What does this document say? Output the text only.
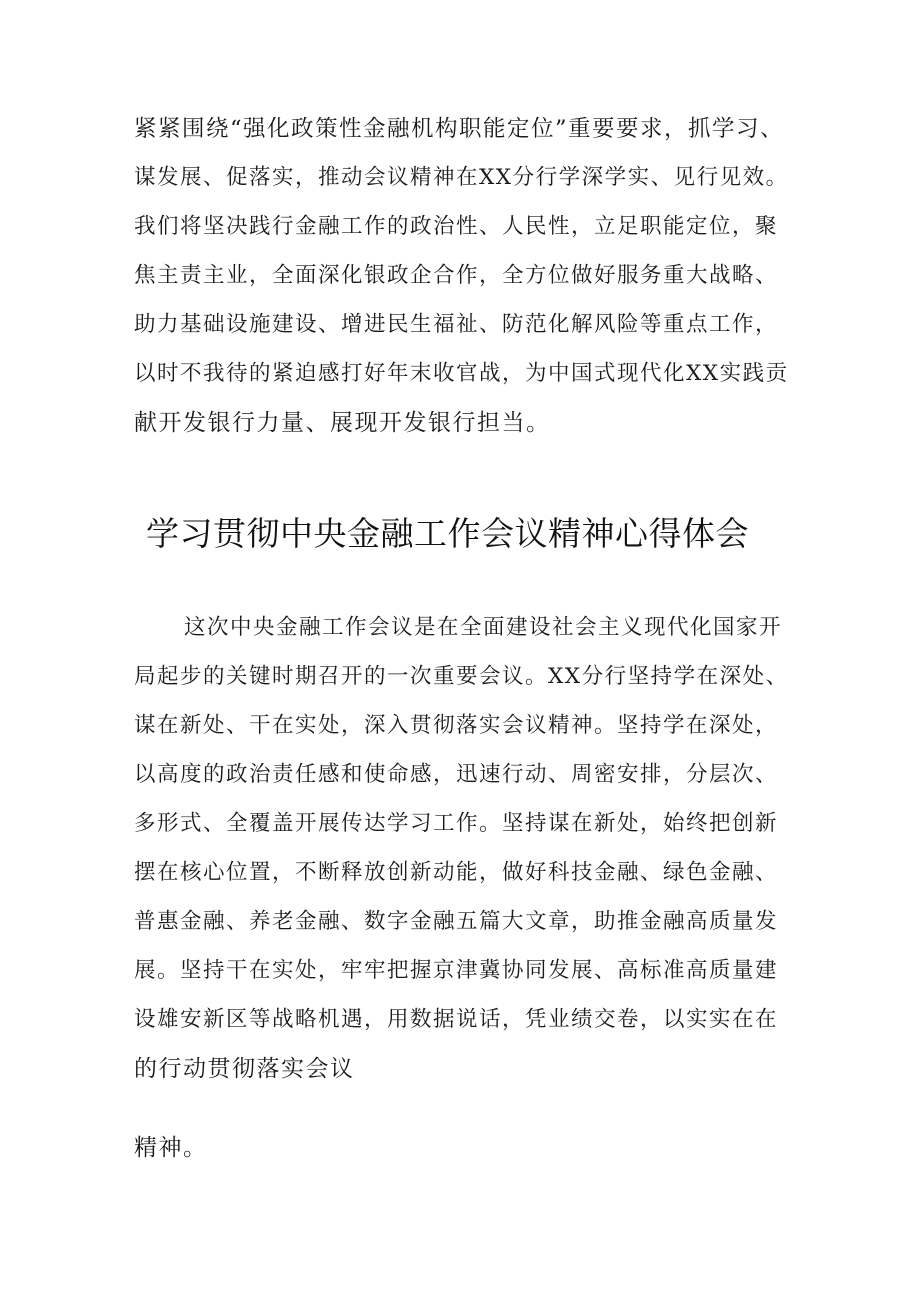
紧紧围绕“强化政策性金融机构职能定位”重要要求，抓学习、
谋发展、促落实，推动会议精神在XX分行学深学实、见行见效。
我们将坚决践行金融工作的政治性、人民性，立足职能定位，聚
焦主责主业，全面深化银政企合作，全方位做好服务重大战略、
助力基础设施建设、增进民生福祉、防范化解风险等重点工作，
以时不我待的紧迫感打好年末收官战，为中国式现代化XX实践贡
献开发银行力量、展现开发银行担当。
学习贯彻中央金融工作会议精神心得体会
这次中央金融工作会议是在全面建设社会主义现代化国家开
局起步的关键时期召开的一次重要会议。XX分行坚持学在深处、
谋在新处、干在实处，深入贯彻落实会议精神。坚持学在深处，
以高度的政治责任感和使命感，迅速行动、周密安排，分层次、
多形式、全覆盖开展传达学习工作。坚持谋在新处，始终把创新
摆在核心位置，不断释放创新动能，做好科技金融、绿色金融、
普惠金融、养老金融、数字金融五篇大文章，助推金融高质量发
展。坚持干在实处，牢牢把握京津冀协同发展、高标准高质量建
设雄安新区等战略机遇，用数据说话，凭业绩交卷，以实实在在
的行动贯彻落实会议
精神。
